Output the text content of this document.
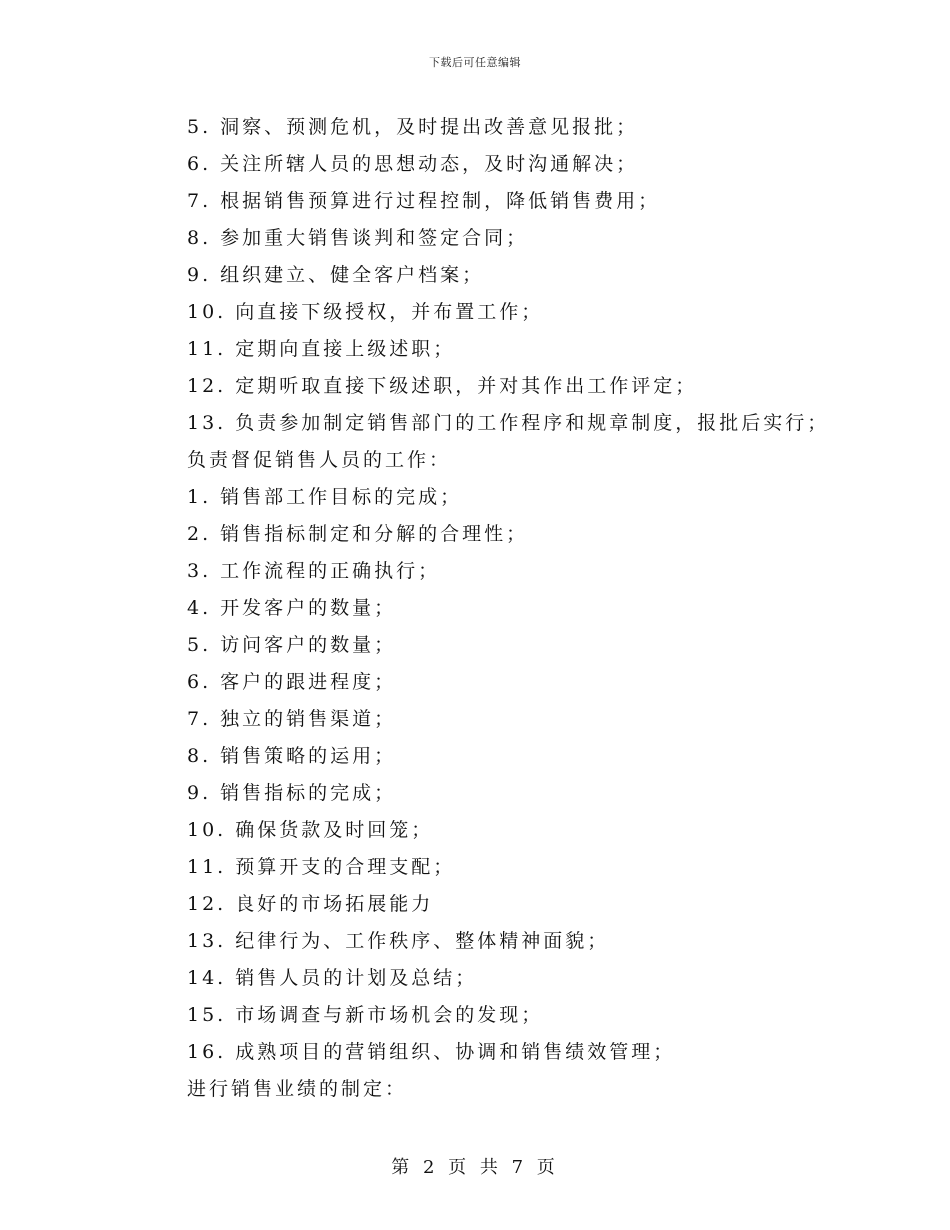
下载后可任意编辑
5. 洞察、预测危机，及时提出改善意见报批；
6. 关注所辖人员的思想动态，及时沟通解决；
7. 根据销售预算进行过程控制，降低销售费用；
8. 参加重大销售谈判和签定合同；
9. 组织建立、健全客户档案；
10. 向直接下级授权，并布置工作；
11. 定期向直接上级述职；
12. 定期听取直接下级述职，并对其作出工作评定；
13. 负责参加制定销售部门的工作程序和规章制度，报批后实行；
负责督促销售人员的工作：
1. 销售部工作目标的完成；
2. 销售指标制定和分解的合理性；
3. 工作流程的正确执行；
4. 开发客户的数量；
5. 访问客户的数量；
6. 客户的跟进程度；
7. 独立的销售渠道；
8. 销售策略的运用；
9. 销售指标的完成；
10. 确保货款及时回笼；
11. 预算开支的合理支配；
12. 良好的市场拓展能力
13. 纪律行为、工作秩序、整体精神面貌；
14. 销售人员的计划及总结；
15. 市场调查与新市场机会的发现；
16. 成熟项目的营销组织、协调和销售绩效管理；
进行销售业绩的制定：
第 2 页 共 7 页
